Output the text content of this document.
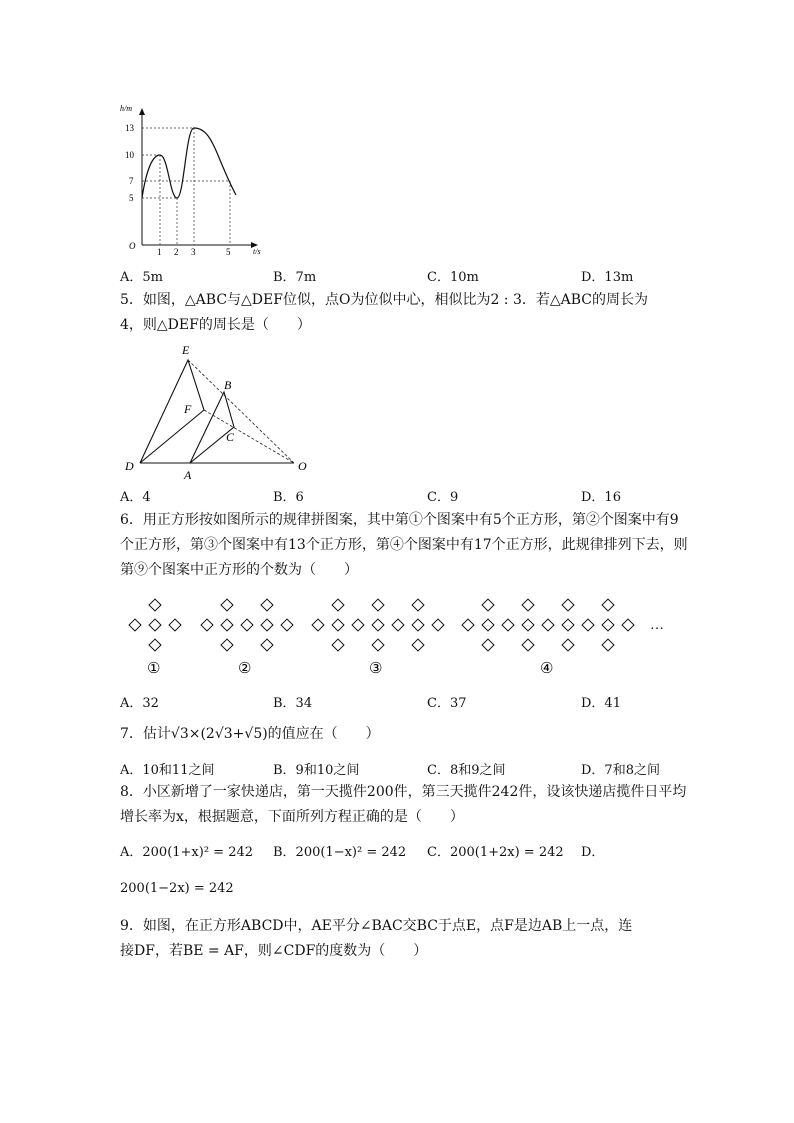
h/m
t/s
O
13
10
7
5
1 2 3	5
A．5m	B．7m	C．10m	D．13m
5．如图，△ABC与△DEF位似，点O为位似中心，相似比为2 : 3．若△ABC的周长为
4，则△DEF的周长是（　　）
E
B
F
C
D
A
O
A．4	B．6	C．9	D．16
6．用正方形按如图所示的规律拼图案，其中第①个图案中有5个正方形，第②个图案中有9
个正方形，第③个图案中有13个正方形，第④个图案中有17个正方形，此规律排列下去，则
第⑨个图案中正方形的个数为（　　）
…
①	②	③	④
A．32	B．34	C．37	D．41
7．估计√3×(2√3+√5)的值应在（　　）
A．10和11之间	B．9和10之间	C．8和9之间	D．7和8之间
8．小区新增了一家快递店，第一天揽件200件，第三天揽件242件，设该快递店揽件日平均
增长率为x，根据题意，下面所列方程正确的是（　　）
A．200(1+x)² = 242 B．200(1−x)² = 242 C．200(1+2x) = 242 D．
200(1−2x) = 242
9．如图，在正方形ABCD中，AE平分∠BAC交BC于点E，点F是边AB上一点，连
接DF，若BE = AF，则∠CDF的度数为（　　）
